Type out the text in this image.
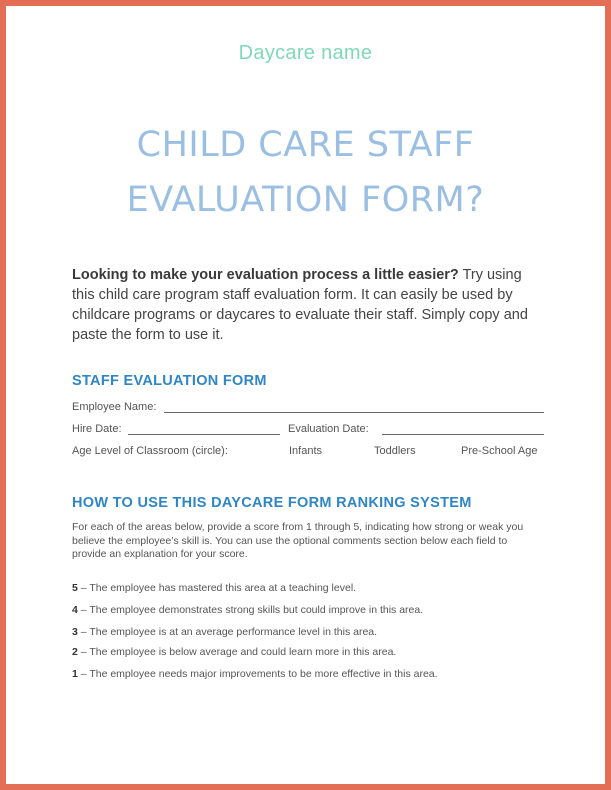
Daycare name
CHILD CARE STAFF
EVALUATION FORM?
Looking to make your evaluation process a little easier? Try using this child care program staff evaluation form. It can easily be used by childcare programs or daycares to evaluate their staff. Simply copy and paste the form to use it.
STAFF EVALUATION FORM
Employee Name:
Hire Date:	Evaluation Date:
Age Level of Classroom (circle):	Infants	Toddlers	Pre-School Age
HOW TO USE THIS DAYCARE FORM RANKING SYSTEM
For each of the areas below, provide a score from 1 through 5, indicating how strong or weak you believe the employee’s skill is. You can use the optional comments section below each field to provide an explanation for your score.
5 – The employee has mastered this area at a teaching level.
4 – The employee demonstrates strong skills but could improve in this area.
3 – The employee is at an average performance level in this area.
2 – The employee is below average and could learn more in this area.
1 – The employee needs major improvements to be more effective in this area.
